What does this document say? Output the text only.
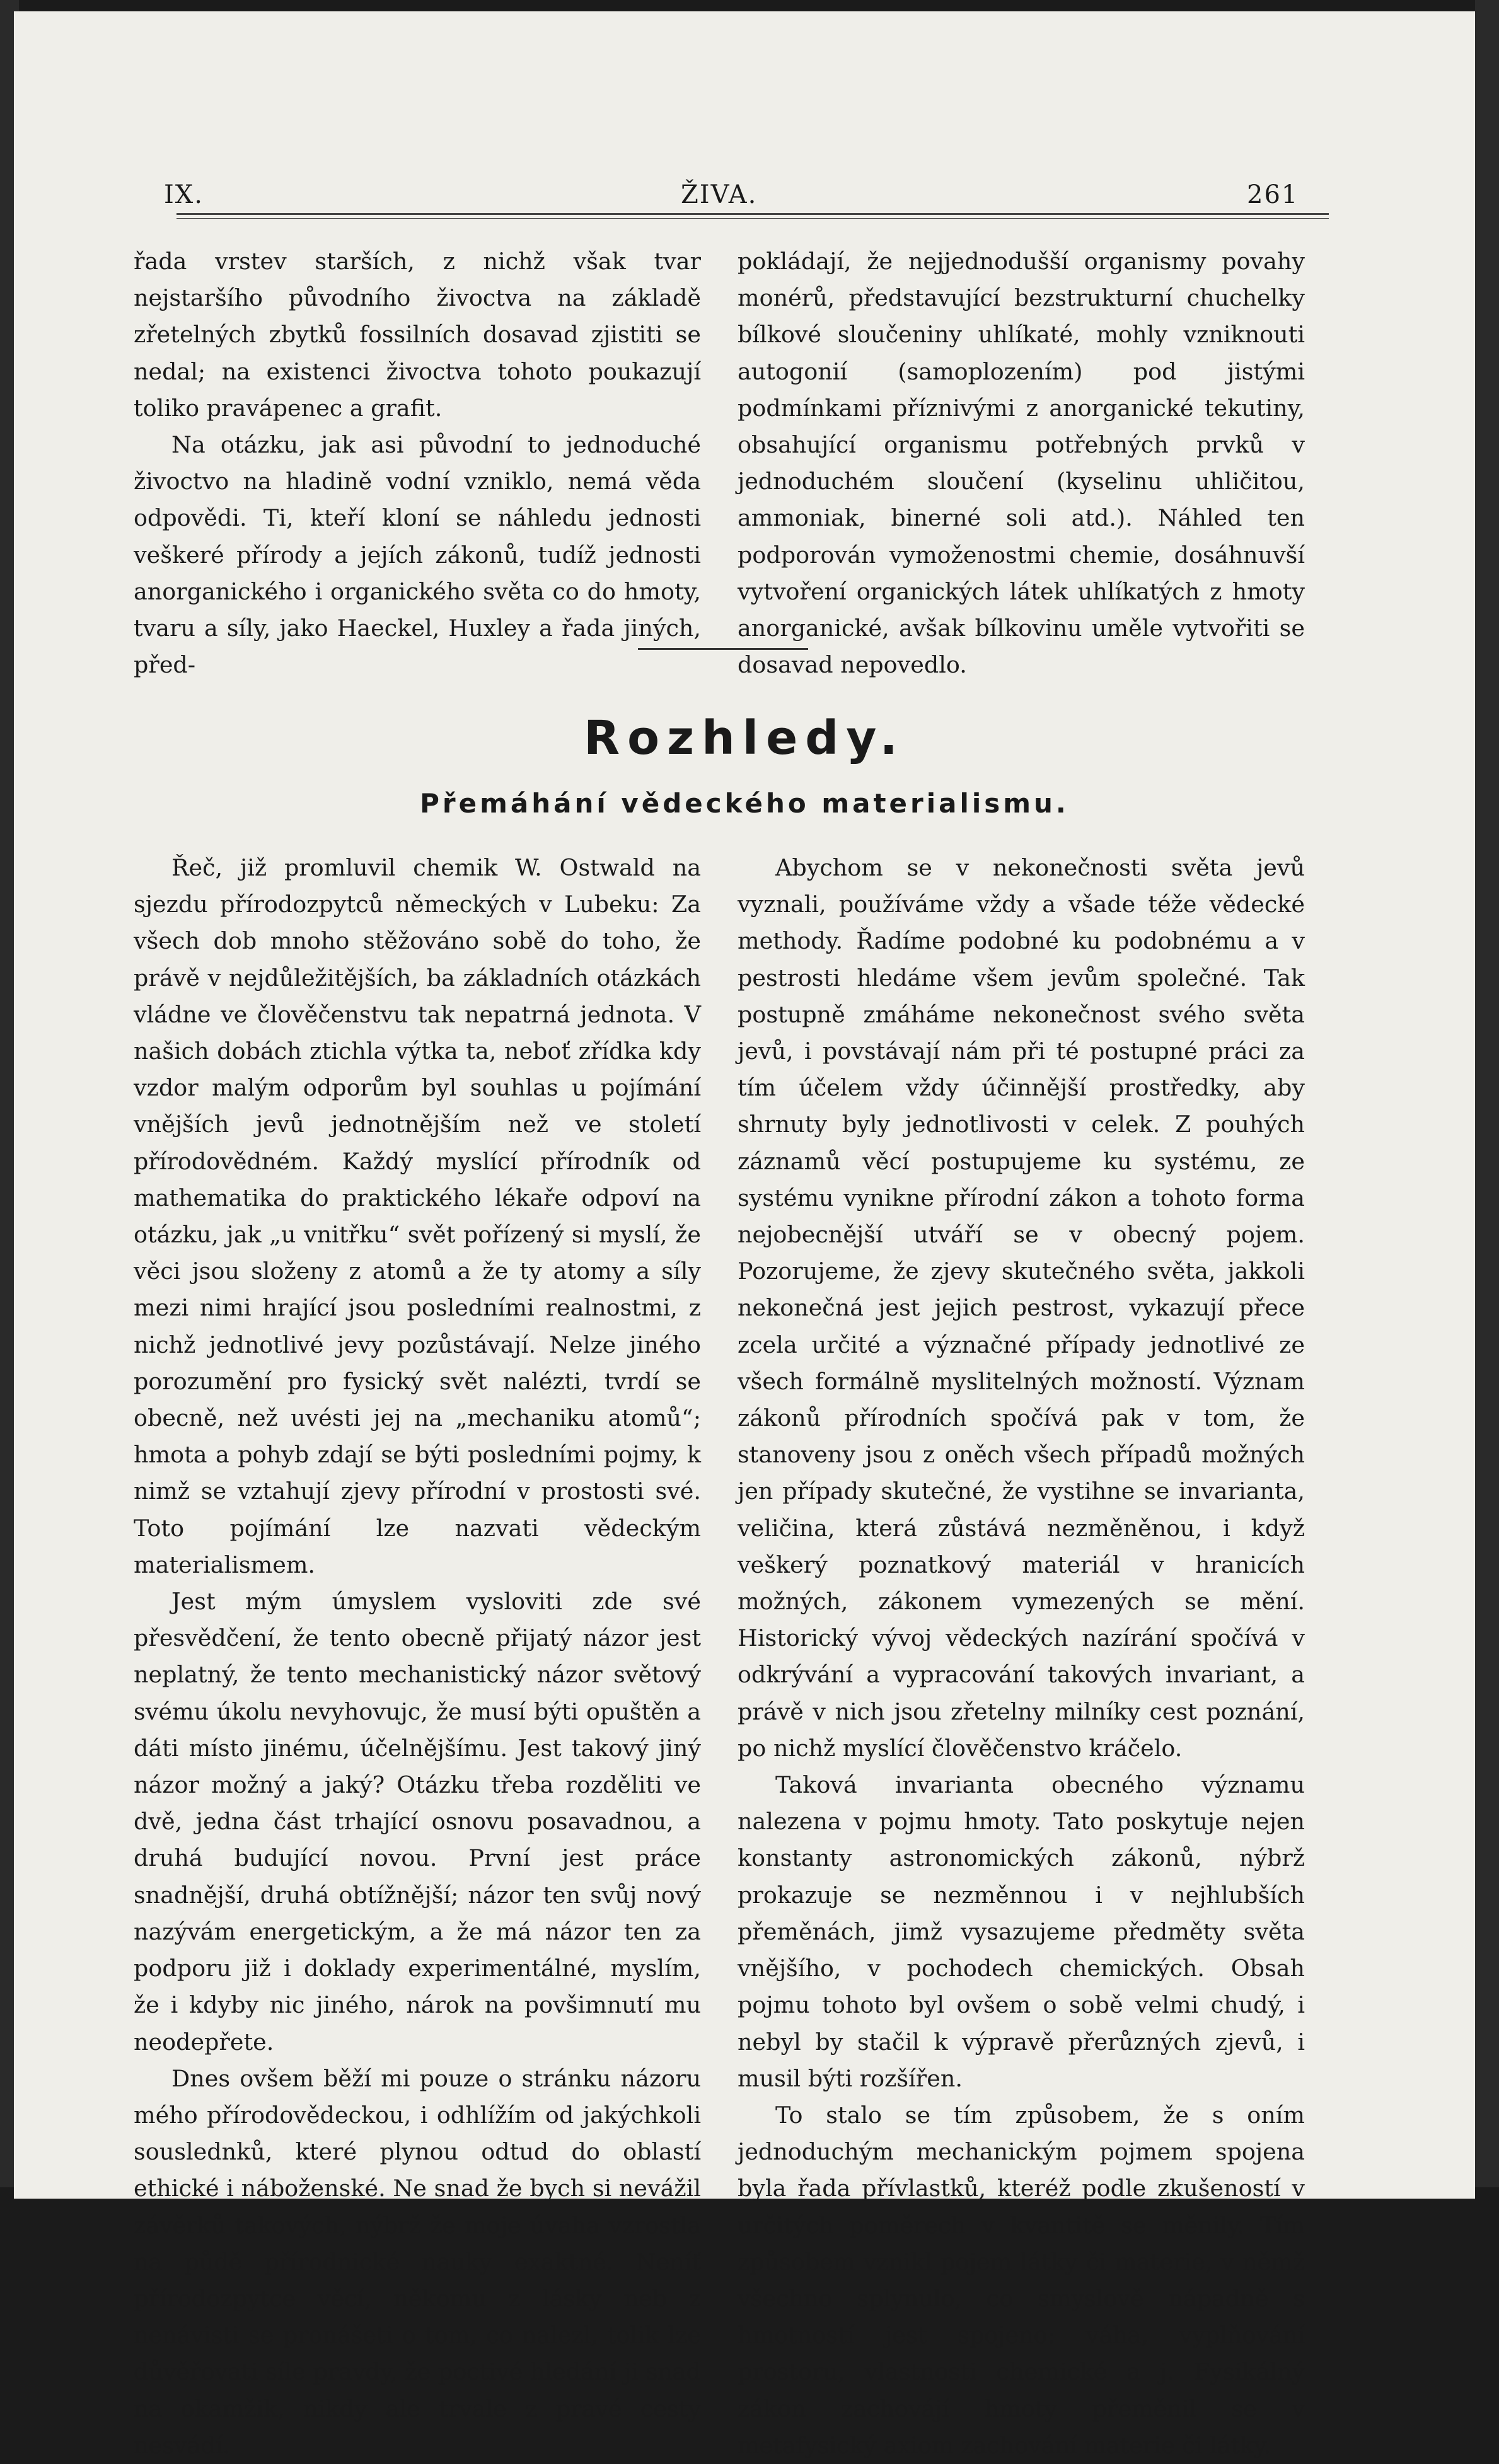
IX.	ŽIVA.	261

řada vrstev starších, z nichž však tvar nejstaršího původního živoctva na základě zřetelných zbytků fossilních dosavad zjistiti se nedal; na existenci živoctva tohoto poukazují toliko pravápenec a grafit.

Na otázku, jak asi původní to jednoduché živoctvo na hladině vodní vzniklo, nemá věda odpovědi. Ti, kteří kloní se náhledu jednosti veškeré přírody a jejích zákonů, tudíž jednosti anorganického i organického světa co do hmoty, tvaru a síly, jako Haeckel, Huxley a řada jiných, před-

pokládají, že nejjednodušší organismy povahy monérů, představující bezstrukturní chuchelky bílkové sloučeniny uhlíkaté, mohly vzniknouti autogonií (samoplozením) pod jistými podmínkami příznivými z anorganické tekutiny, obsahující organismu potřebných prvků v jednoduchém sloučení (kyselinu uhličitou, ammoniak, binerné soli atd.). Náhled ten podporován vymoženostmi chemie, dosáhnuvší vytvoření organických látek uhlíkatých z hmoty anorganické, avšak bílkovinu uměle vytvořiti se dosavad nepovedlo.

Rozhledy.
Přemáhání vědeckého materialismu.

Řeč, již promluvil chemik W. Ostwald na sjezdu přírodozpytců německých v Lubeku: Za všech dob mnoho stěžováno sobě do toho, že právě v nejdůležitějších, ba základních otázkách vládne ve člověčenstvu tak nepatrná jednota. V našich dobách ztichla výtka ta, neboť zřídka kdy vzdor malým odporům byl souhlas u pojímání vnějších jevů jednotnějším než ve století přírodovědném. Každý myslící přírodník od mathematika do praktického lékaře odpoví na otázku, jak „u vnitřku“ svět pořízený si myslí, že věci jsou složeny z atomů a že ty atomy a síly mezi nimi hrající jsou posledními realnostmi, z nichž jednotlivé jevy pozůstávají. Nelze jiného porozumění pro fysický svět nalézti, tvrdí se obecně, než uvésti jej na „mechaniku atomů“; hmota a pohyb zdají se býti posledními pojmy, k nimž se vztahují zjevy přírodní v prostosti své. Toto pojímání lze nazvati vědeckým materialismem.

Jest mým úmyslem vysloviti zde své přesvědčení, že tento obecně přijatý názor jest neplatný, že tento mechanistický názor světový svému úkolu nevyhovujc, že musí býti opuštěn a dáti místo jinému, účelnějšímu. Jest takový jiný názor možný a jaký? Otázku třeba rozděliti ve dvě, jedna část trhající osnovu posavadnou, a druhá budující novou. První jest práce snadnější, druhá obtížnější; názor ten svůj nový nazývám energetickým, a že má názor ten za podporu již i doklady experimentálné, myslím, že i kdyby nic jiného, nárok na povšimnutí mu neodepřete.

Dnes ovšem běží mi pouze o stránku názoru mého přírodovědeckou, i odhlížím od jakýchkoli souslednků, které plynou odtud do oblastí ethické i náboženské. Ne snad že bych si nevážil závěrků takových, nýbrž že moje úvaha vzrostla na půdě přírodnické nauky exaktné. Neníť přírodozpytce věcí, někomu z lásky neb z nenávisti se pronášeti o tom, co nalezl, tolik lze důvěřovati síle pravdy, že poctivé hledání ji snad na okamžik, nikdy ale trvale z pravé cesty nesvádí.

Abychom se v nekonečnosti světa jevů vyznali, používáme vždy a všade téže vědecké methody. Řadíme podobné ku podobnému a v pestrosti hledáme všem jevům společné. Tak postupně zmáháme nekonečnost svého světa jevů, i povstávají nám při té postupné práci za tím účelem vždy účinnější prostředky, aby shrnuty byly jednotlivosti v celek. Z pouhých záznamů věcí postupujeme ku systému, ze systému vynikne přírodní zákon a tohoto forma nejobecnější utváří se v obecný pojem. Pozorujeme, že zjevy skutečného světa, jakkoli nekonečná jest jejich pestrost, vykazují přece zcela určité a význačné případy jednotlivé ze všech formálně myslitelných možností. Význam zákonů přírodních spočívá pak v tom, že stanoveny jsou z oněch všech případů možných jen případy skutečné, že vystihne se invarianta, veličina, která zůstává nezměněnou, i když veškerý poznatkový materiál v hranicích možných, zákonem vymezených se mění. Historický vývoj vědeckých nazírání spočívá v odkrývání a vypracování takových invariant, a právě v nich jsou zřetelny milníky cest poznání, po nichž myslící člověčenstvo kráčelo.

Taková invarianta obecného významu nalezena v pojmu hmoty. Tato poskytuje nejen konstanty astronomických zákonů, nýbrž prokazuje se nezměnnou i v nejhlubších přeměnách, jimž vysazujeme předměty světa vnějšího, v pochodech chemických. Obsah pojmu tohoto byl ovšem o sobě velmi chudý, i nebyl by stačil k výpravě přerůzných zjevů, i musil býti rozšířen.

To stalo se tím způsobem, že s oním jednoduchým mechanickým pojmem spojena byla řada přívlastků, kteréž podle zkušeností v určitých poměrech v kvantitě se měnily. Tím způsobem vznikl pojem látky či materie, v němž všechno splynulo, co smyslově nápadně s hmotností jest spojeno: váha, vyplňování prostoru, vlastnosti chemické a j. Fysikálný zákon zachovájí hmoty přeměnil se v metafysický axiom zachování materie či látky.
